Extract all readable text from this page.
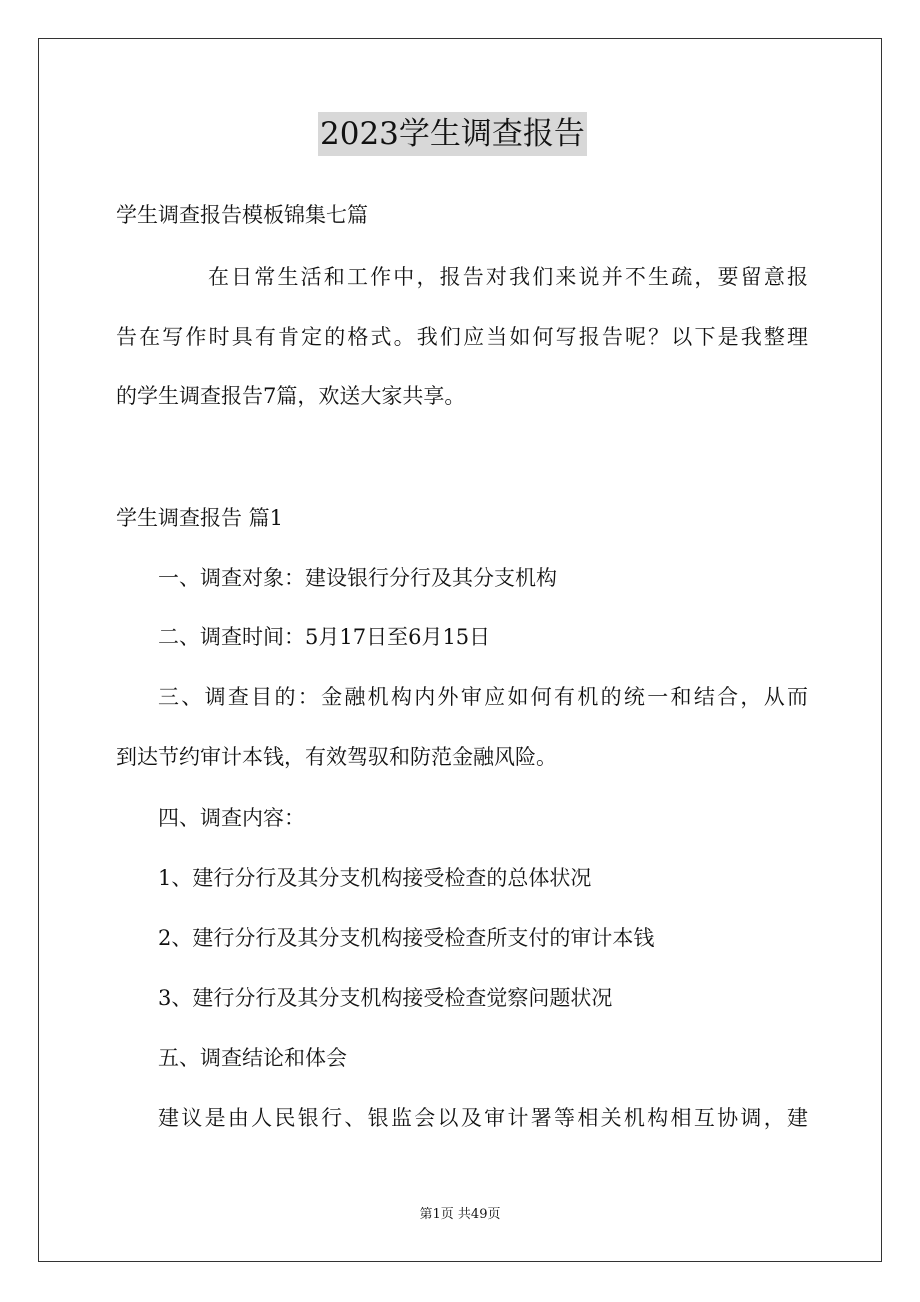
2023学生调查报告
学生调查报告模板锦集七篇
在日常生活和工作中，报告对我们来说并不生疏，要留意报
告在写作时具有肯定的格式。我们应当如何写报告呢？以下是我整理
的学生调查报告7篇，欢送大家共享。
学生调查报告 篇1
一、调查对象：建设银行分行及其分支机构
二、调查时间：5月17日至6月15日
三、调查目的：金融机构内外审应如何有机的统一和结合，从而
到达节约审计本钱，有效驾驭和防范金融风险。
四、调查内容：
1、建行分行及其分支机构接受检查的总体状况
2、建行分行及其分支机构接受检查所支付的审计本钱
3、建行分行及其分支机构接受检查觉察问题状况
五、调查结论和体会
建议是由人民银行、银监会以及审计署等相关机构相互协调，建
第1页 共49页
